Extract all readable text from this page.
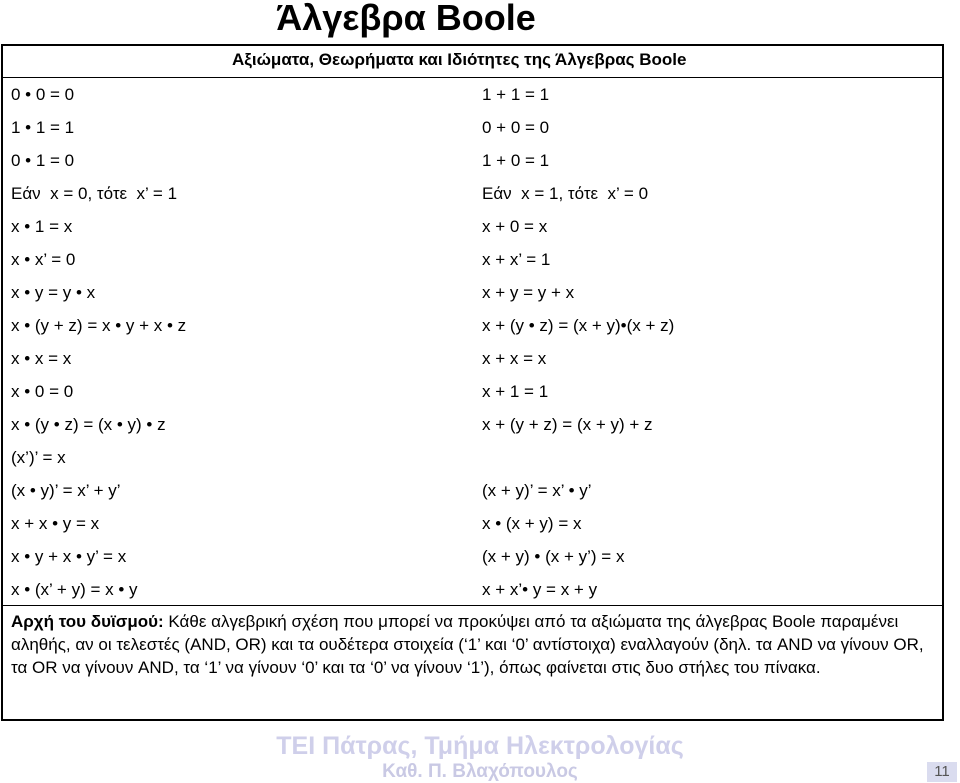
Άλγεβρα Boole
Αξιώματα, Θεωρήματα και Ιδιότητες της Άλγεβρας Boole
0 • 0 = 0	1 + 1 = 1
1 • 1 = 1	0 + 0 = 0
0 • 1 = 0	1 + 0 = 1
Εάν  x = 0, τότε  x’ = 1	Εάν  x = 1, τότε  x’ = 0
x • 1 = x	x + 0 = x
x • x’ = 0	x + x’ = 1
x • y = y • x	x + y = y + x
x • (y + z) = x • y + x • z	x + (y • z) = (x + y)•(x + z)
x • x = x	x + x = x
x • 0 = 0	x + 1 = 1
x • (y • z) = (x • y) • z	x + (y + z) = (x + y) + z
(x’)’ = x
(x • y)’ = x’ + y’	(x + y)’ = x’ • y’
x + x • y = x	x • (x + y) = x
x • y + x • y’ = x	(x + y) • (x + y’) = x
x • (x’ + y) = x • y	x + x’• y = x + y
Αρχή του δυϊσμού: Κάθε αλγεβρική σχέση που μπορεί να προκύψει από τα αξιώματα της άλγεβρας Boole παραμένει αληθής, αν οι τελεστές (AND, OR) και τα ουδέτερα στοιχεία (‘1’ και ‘0’ αντίστοιχα) εναλλαγούν (δηλ. τα AND να γίνουν OR, τα OR να γίνουν AND, τα ‘1’ να γίνουν ‘0’ και τα ‘0’ να γίνουν ‘1’), όπως φαίνεται στις δυο στήλες του πίνακα.
ΤΕΙ Πάτρας, Τμήμα Ηλεκτρολογίας
Καθ. Π. Βλαχόπουλος	11
